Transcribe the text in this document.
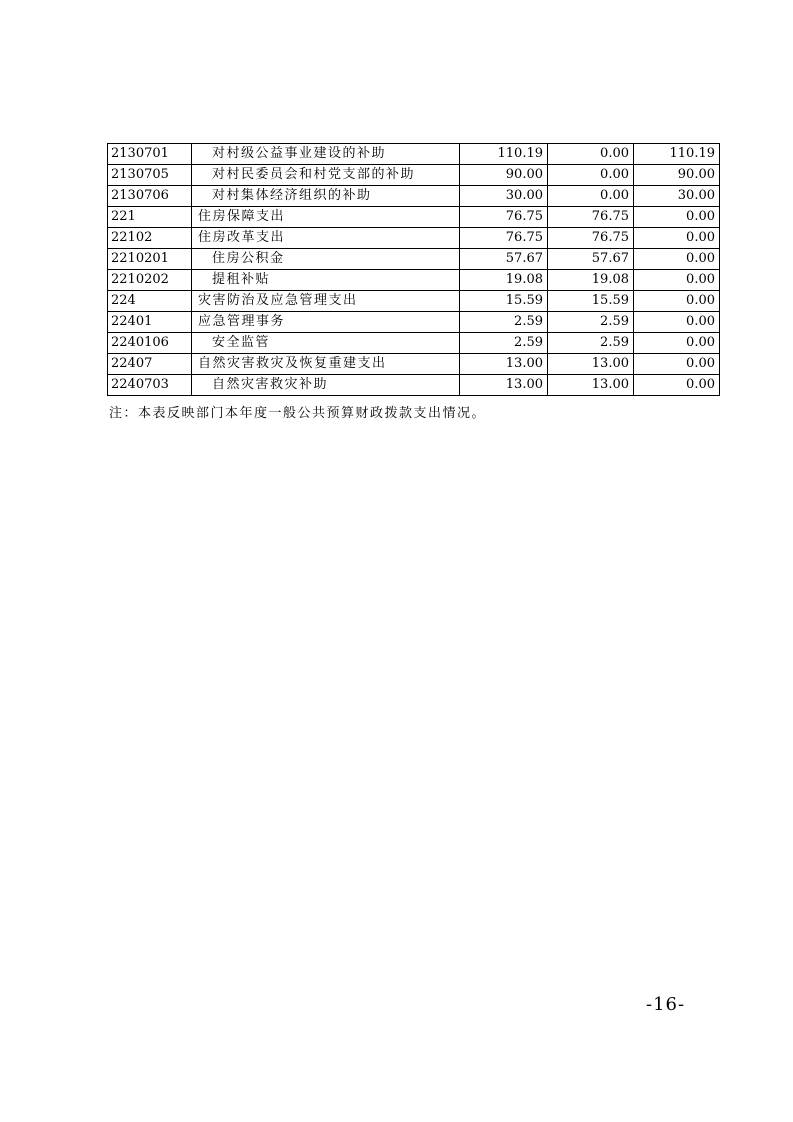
2130701	对村级公益事业建设的补助	110.19	0.00	110.19
2130705	对村民委员会和村党支部的补助	90.00	0.00	90.00
2130706	对村集体经济组织的补助	30.00	0.00	30.00
221	住房保障支出	76.75	76.75	0.00
22102	住房改革支出	76.75	76.75	0.00
2210201	住房公积金	57.67	57.67	0.00
2210202	提租补贴	19.08	19.08	0.00
224	灾害防治及应急管理支出	15.59	15.59	0.00
22401	应急管理事务	2.59	2.59	0.00
2240106	安全监管	2.59	2.59	0.00
22407	自然灾害救灾及恢复重建支出	13.00	13.00	0.00
2240703	自然灾害救灾补助	13.00	13.00	0.00
注：本表反映部门本年度一般公共预算财政拨款支出情况。
-16-
